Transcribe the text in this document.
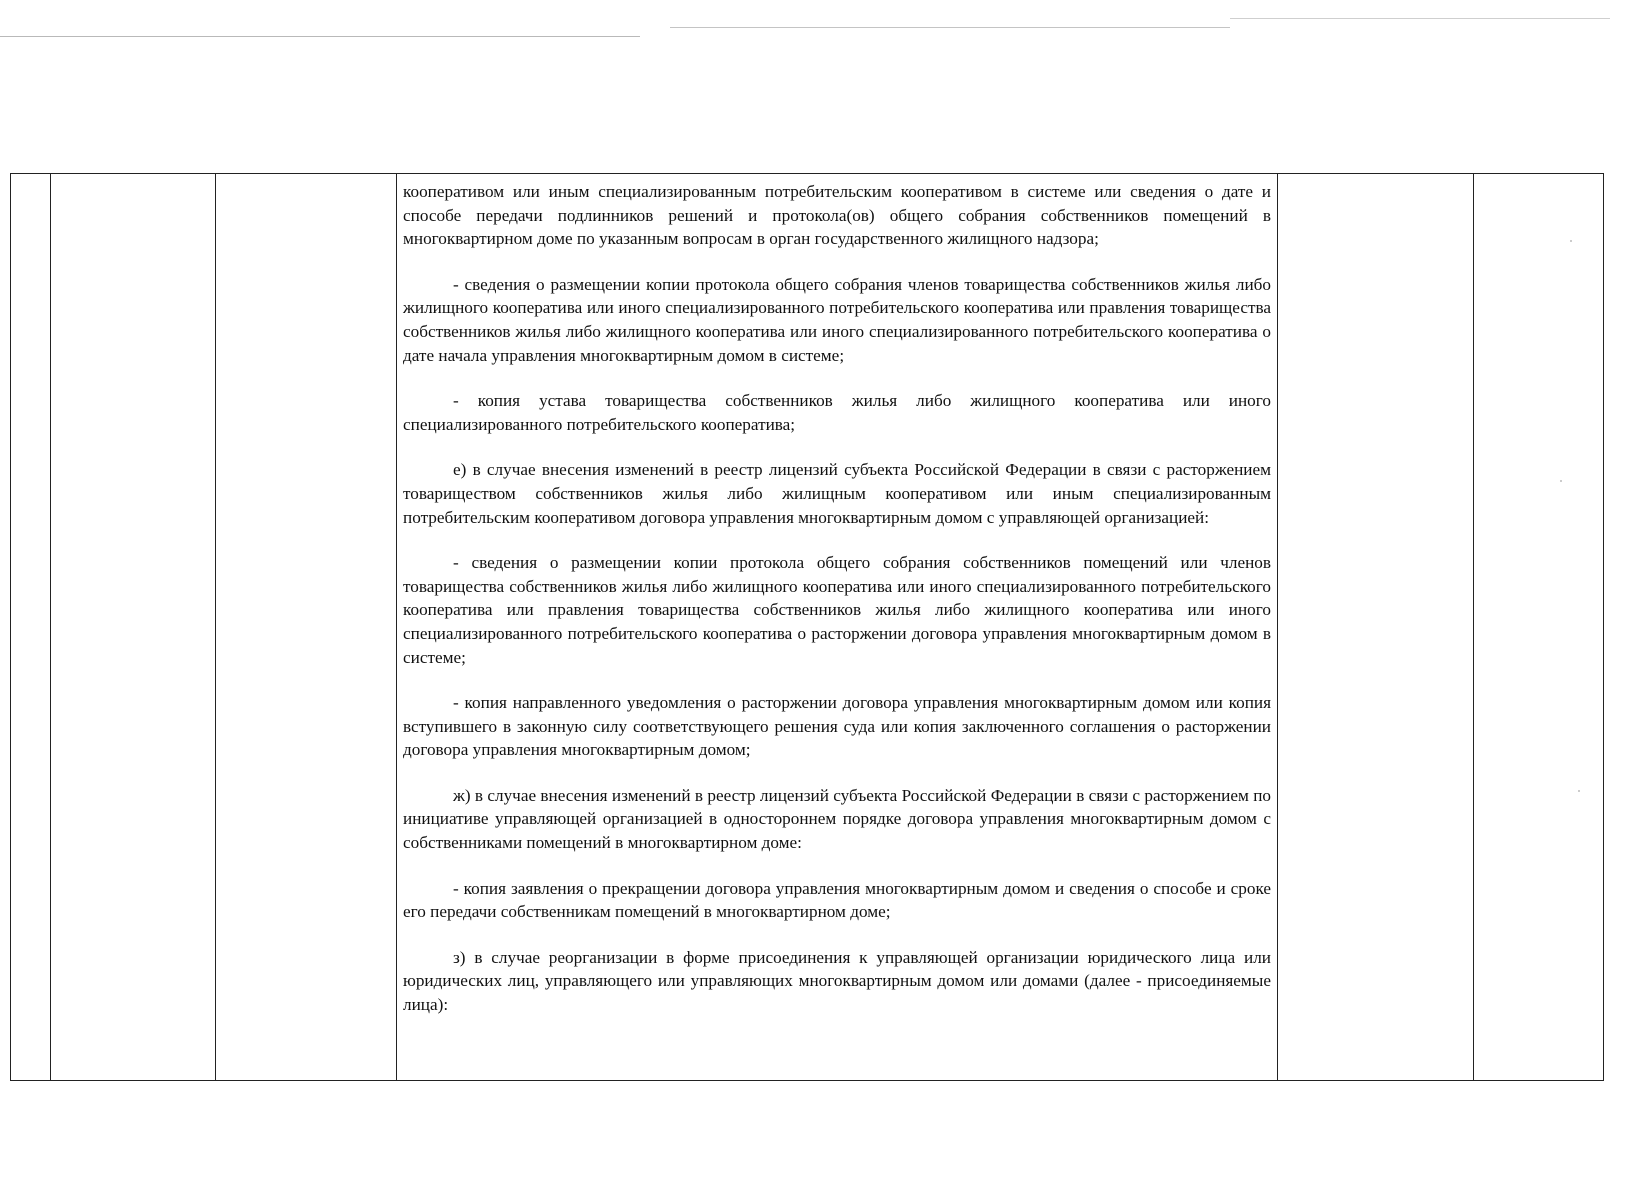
кооперативом или иным специализированным потребительским кооперативом в системе или сведения о дате и способе передачи подлинников решений и протокола(ов) общего собрания собственников помещений в многоквартирном доме по указанным вопросам в орган государственного жилищного надзора;

- сведения о размещении копии протокола общего собрания членов товарищества собственников жилья либо жилищного кооператива или иного специализированного потребительского кооператива или правления товарищества собственников жилья либо жилищного кооператива или иного специализированного потребительского кооператива о дате начала управления многоквартирным домом в системе;

- копия устава товарищества собственников жилья либо жилищного кооператива или иного специализированного потребительского кооператива;

е) в случае внесения изменений в реестр лицензий субъекта Российской Федерации в связи с расторжением товариществом собственников жилья либо жилищным кооперативом или иным специализированным потребительским кооперативом договора управления многоквартирным домом с управляющей организацией:

- сведения о размещении копии протокола общего собрания собственников помещений или членов товарищества собственников жилья либо жилищного кооператива или иного специализированного потребительского кооператива или правления товарищества собственников жилья либо жилищного кооператива или иного специализированного потребительского кооператива о расторжении договора управления многоквартирным домом в системе;

- копия направленного уведомления о расторжении договора управления многоквартирным домом или копия вступившего в законную силу соответствующего решения суда или копия заключенного соглашения о расторжении договора управления многоквартирным домом;

ж) в случае внесения изменений в реестр лицензий субъекта Российской Федерации в связи с расторжением по инициативе управляющей организацией в одностороннем порядке договора управления многоквартирным домом с собственниками помещений в многоквартирном доме:

- копия заявления о прекращении договора управления многоквартирным домом и сведения о способе и сроке его передачи собственникам помещений в многоквартирном доме;

з) в случае реорганизации в форме присоединения к управляющей организации юридического лица или юридических лиц, управляющего или управляющих многоквартирным домом или домами (далее - присоединяемые лица):
